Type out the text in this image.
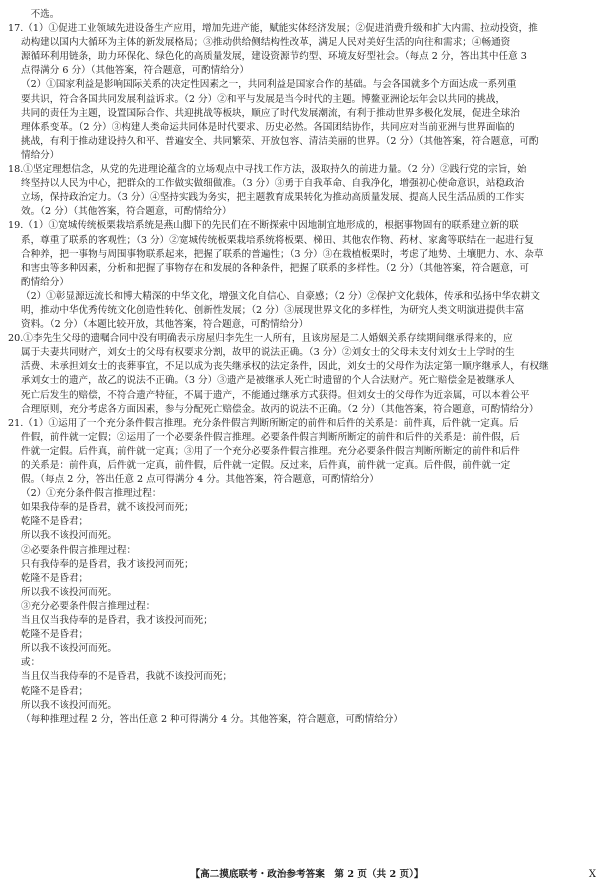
　不选。
17.（1）①促进工业领域先进设备生产应用，增加先进产能，赋能实体经济发展；②促进消费升级和扩大内需、拉动投资，推
动构建以国内大循环为主体的新发展格局；③推动供给侧结构性改革，满足人民对美好生活的向往和需求；④畅通资
源循环利用链条，助力环保化、绿色化的高质量发展，建设资源节约型、环境友好型社会。（每点 2 分，答出其中任意 3
点得满分 6 分）（其他答案，符合题意，可酌情给分）
（2）①国家利益是影响国际关系的决定性因素之一，共同利益是国家合作的基础。与会各国就多个方面达成一系列重
要共识，符合各国共同发展利益诉求。（2 分）②和平与发展是当今时代的主题。博鳌亚洲论坛年会以共同的挑战，
共同的责任为主题，设置国际合作、共迎挑战等板块，顺应了时代发展潮流，有利于推动世界多极化发展，促进全球治
理体系变革。（2 分）③构建人类命运共同体是时代要求、历史必然。各国团结协作，共同应对当前亚洲与世界面临的
挑战，有利于推动建设持久和平、普遍安全、共同繁荣、开放包容、清洁美丽的世界。（2 分）（其他答案，符合题意，可酌
情给分）
18.①坚定理想信念，从党的先进理论蕴含的立场观点中寻找工作方法，汲取持久的前进力量。（2 分）②践行党的宗旨，始
终坚持以人民为中心，把群众的工作做实做细做准。（3 分）③勇于自我革命、自我净化，增强初心使命意识，站稳政治
立场，保持政治定力。（3 分）④坚持实践为务实，把主题教育成果转化为推动高质量发展、提高人民生活品质的工作实
效。（2 分）（其他答案，符合题意，可酌情给分）
19.（1）①宽城传统板栗栽培系统是燕山脚下的先民们在不断探索中因地制宜地形成的，根据事物固有的联系建立新的联
系，尊重了联系的客观性；（3 分）②宽城传统板栗栽培系统将板栗、梯田、其他农作物、药材、家禽等联结在一起进行复
合种养，把一事物与周围事物联系起来，把握了联系的普遍性；（3 分）③在栽植板栗时，考虑了地势、土壤肥力、水、杂草
和害虫等多种因素，分析和把握了事物存在和发展的各种条件，把握了联系的多样性。（2 分）（其他答案，符合题意，可
酌情给分）
（2）①彰显源远流长和博大精深的中华文化，增强文化自信心、自豪感；（2 分）②保护文化载体，传承和弘扬中华农耕文
明，推动中华优秀传统文化创造性转化、创新性发展；（2 分）③展现世界文化的多样性，为研究人类文明演进提供丰富
资料。（2 分）（本题比较开放，其他答案，符合题意，可酌情给分）
20.①李先生父母的遗嘱合同中没有明确表示房屋归李先生一人所有，且该房屋是二人婚姻关系存续期间继承得来的，应
属于夫妻共同财产，刘女士的父母有权要求分割，故甲的说法正确。（3 分）②刘女士的父母未支付刘女士上学时的生
活费、未承担刘女士的丧葬事宜，不足以成为丧失继承权的法定条件，因此，刘女士的父母作为法定第一顺序继承人，有权继
承刘女士的遗产，故乙的说法不正确。（3 分）③遗产是被继承人死亡时遗留的个人合法财产。死亡赔偿金是被继承人
死亡后发生的赔偿，不符合遗产特征，不属于遗产，不能通过继承方式获得。但刘女士的父母作为近亲属，可以本着公平
合理原则，充分考虑各方面因素，参与分配死亡赔偿金。故丙的说法不正确。（2 分）（其他答案，符合题意，可酌情给分）
21.（1）①运用了一个充分条件假言推理。充分条件假言判断所断定的前件和后件的关系是：前件真，后件就一定真。后
件假，前件就一定假；②运用了一个必要条件假言推理。必要条件假言判断所断定的前件和后件的关系是：前件假，后
件就一定假。后件真，前件就一定真；③用了一个充分必要条件假言推理。充分必要条件假言判断所断定的前件和后件
的关系是：前件真，后件就一定真，前件假，后件就一定假。反过来，后件真，前件就一定真。后件假，前件就一定
假。（每点 2 分，答出任意 2 点可得满分 4 分。其他答案，符合题意，可酌情给分）
（2）①充分条件假言推理过程：
如果我侍奉的是昏君，就不该投河而死；
乾隆不是昏君；
所以我不该投河而死。
②必要条件假言推理过程：
只有我侍奉的是昏君，我才该投河而死；
乾隆不是昏君；
所以我不该投河而死。
③充分必要条件假言推理过程：
当且仅当我侍奉的是昏君，我才该投河而死；
乾隆不是昏君；
所以我不该投河而死。
或：
当且仅当我侍奉的不是昏君，我就不该投河而死；
乾隆不是昏君；
所以我不该投河而死。
（每种推理过程 2 分，答出任意 2 种可得满分 4 分。其他答案，符合题意，可酌情给分）
【高二摸底联考・政治参考答案　第 2 页（共 2 页）】	X
